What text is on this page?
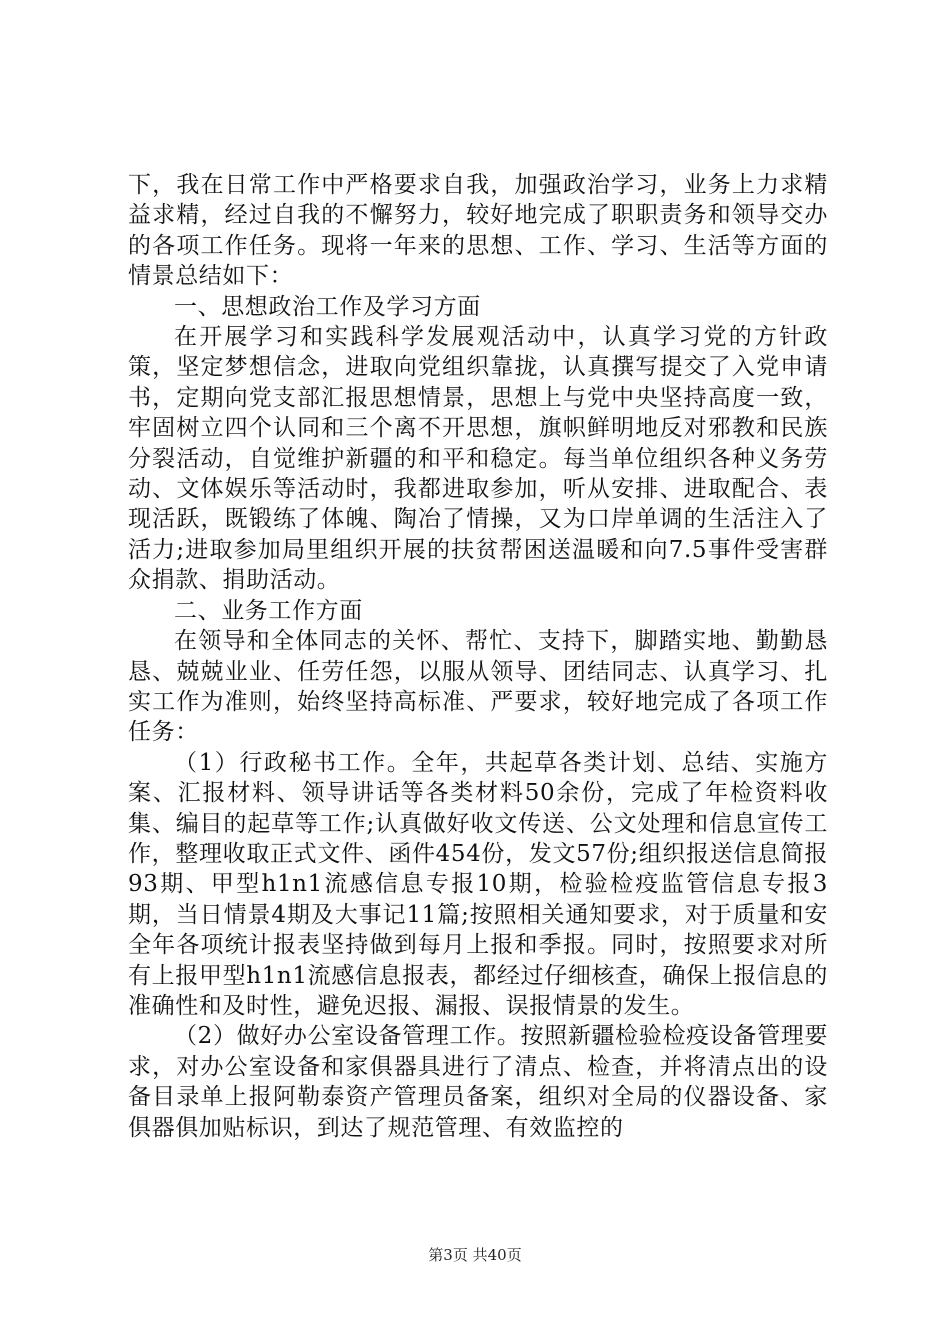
下，我在日常工作中严格要求自我，加强政治学习，业务上力求精益求精，经过自我的不懈努力，较好地完成了职职责务和领导交办的各项工作任务。现将一年来的思想、工作、学习、生活等方面的情景总结如下：

一、思想政治工作及学习方面

在开展学习和实践科学发展观活动中，认真学习党的方针政策，坚定梦想信念，进取向党组织靠拢，认真撰写提交了入党申请书，定期向党支部汇报思想情景，思想上与党中央坚持高度一致，牢固树立四个认同和三个离不开思想，旗帜鲜明地反对邪教和民族分裂活动，自觉维护新疆的和平和稳定。每当单位组织各种义务劳动、文体娱乐等活动时，我都进取参加，听从安排、进取配合、表现活跃，既锻练了体魄、陶冶了情操，又为口岸单调的生活注入了活力;进取参加局里组织开展的扶贫帮困送温暖和向7.5事件受害群众捐款、捐助活动。

二、业务工作方面

在领导和全体同志的关怀、帮忙、支持下，脚踏实地、勤勤恳恳、兢兢业业、任劳任怨，以服从领导、团结同志、认真学习、扎实工作为准则，始终坚持高标准、严要求，较好地完成了各项工作任务：

（1）行政秘书工作。全年，共起草各类计划、总结、实施方案、汇报材料、领导讲话等各类材料50余份，完成了年检资料收集、编目的起草等工作;认真做好收文传送、公文处理和信息宣传工作，整理收取正式文件、函件454份，发文57份;组织报送信息简报93期、甲型h1n1流感信息专报10期，检验检疫监管信息专报3期，当日情景4期及大事记11篇;按照相关通知要求，对于质量和安全年各项统计报表坚持做到每月上报和季报。同时，按照要求对所有上报甲型h1n1流感信息报表，都经过仔细核查，确保上报信息的准确性和及时性，避免迟报、漏报、误报情景的发生。

（2）做好办公室设备管理工作。按照新疆检验检疫设备管理要求，对办公室设备和家俱器具进行了清点、检查，并将清点出的设备目录单上报阿勒泰资产管理员备案，组织对全局的仪器设备、家俱器俱加贴标识，到达了规范管理、有效监控的

第3页 共40页
